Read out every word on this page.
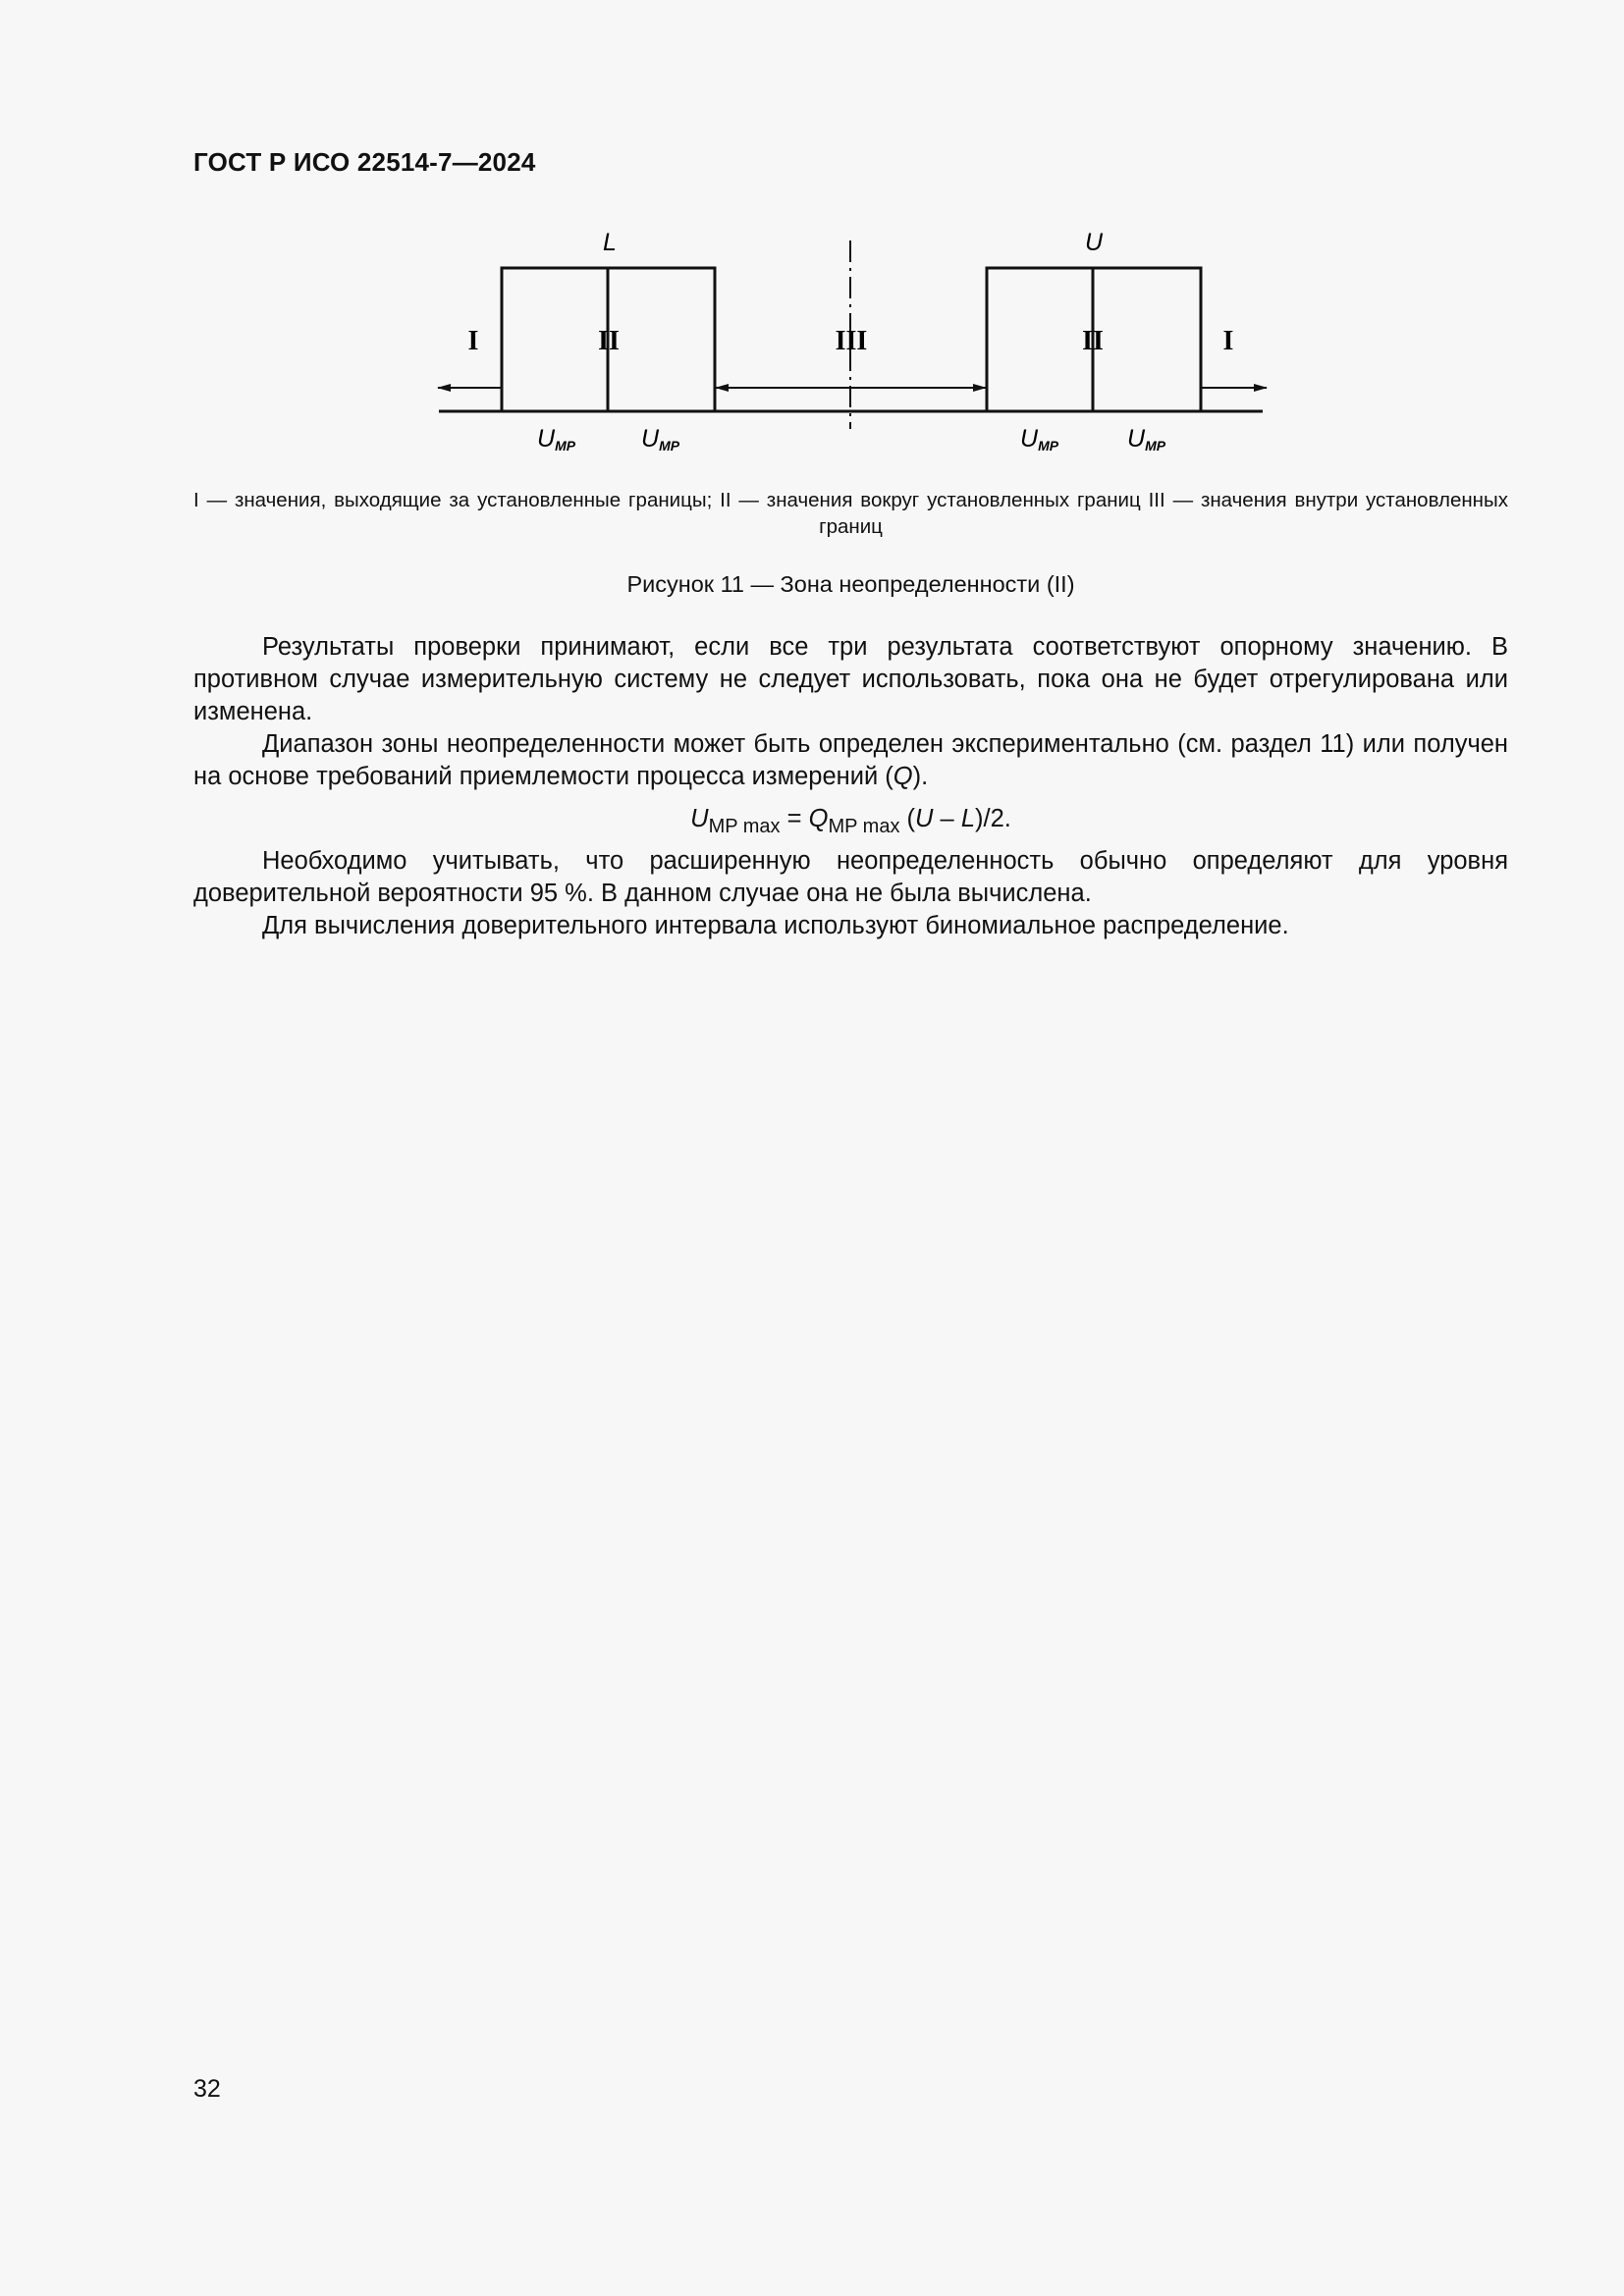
ГОСТ Р ИСО 22514-7—2024
L	U
I	II	III	II	I
UMP	UMP	UMP	UMP
I — значения, выходящие за установленные границы; II — значения вокруг установленных границ III — значения внутри установленных границ
Рисунок 11 — Зона неопределенности (II)

Результаты проверки принимают, если все три результата соответствуют опорному значению. В противном случае измерительную систему не следует использовать, пока она не будет отрегулирована или изменена.

Диапазон зоны неопределенности может быть определен экспериментально (см. раздел 11) или получен на основе требований приемлемости процесса измерений (Q).

$U_{MP max} = Q_{MP max}$ (U – L)/2.

Необходимо учитывать, что расширенную неопределенность обычно определяют для уровня доверительной вероятности 95 %. В данном случае она не была вычислена.

Для вычисления доверительного интервала используют биномиальное распределение.

32
